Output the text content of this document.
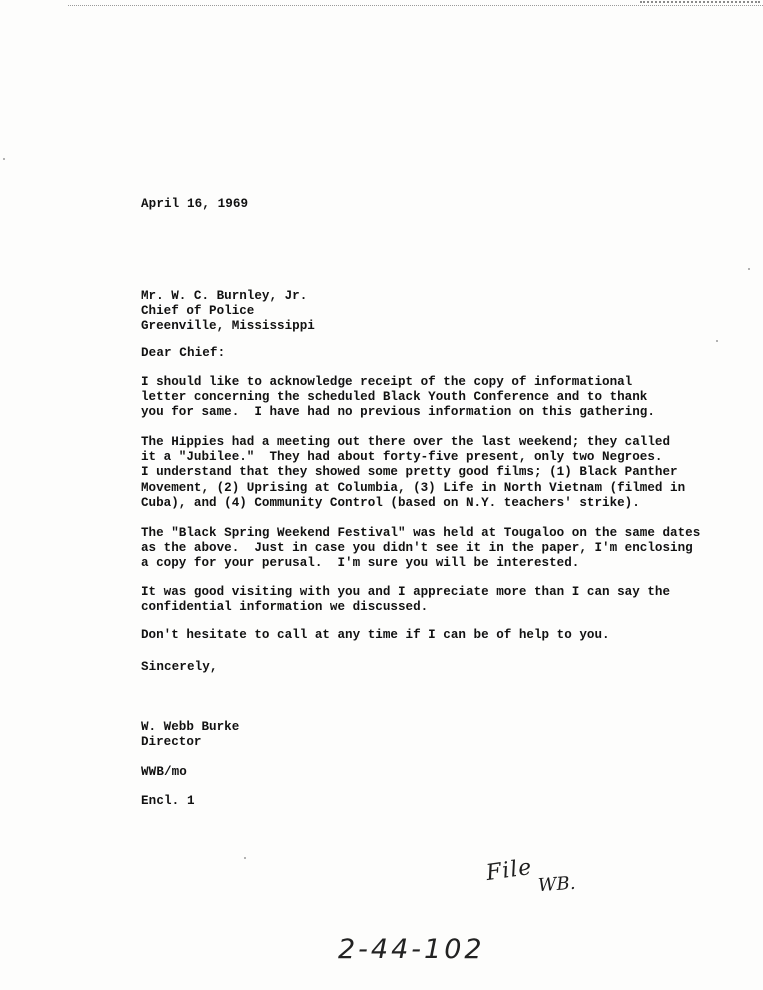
April 16, 1969
Mr. W. C. Burnley, Jr.
Chief of Police
Greenville, Mississippi
Dear Chief:
I should like to acknowledge receipt of the copy of informational
letter concerning the scheduled Black Youth Conference and to thank
you for same.  I have had no previous information on this gathering.
The Hippies had a meeting out there over the last weekend; they called
it a "Jubilee."  They had about forty-five present, only two Negroes.
I understand that they showed some pretty good films; (1) Black Panther
Movement, (2) Uprising at Columbia, (3) Life in North Vietnam (filmed in
Cuba), and (4) Community Control (based on N.Y. teachers' strike).
The "Black Spring Weekend Festival" was held at Tougaloo on the same dates
as the above.  Just in case you didn't see it in the paper, I'm enclosing
a copy for your perusal.  I'm sure you will be interested.
It was good visiting with you and I appreciate more than I can say the
confidential information we discussed.
Don't hesitate to call at any time if I can be of help to you.
Sincerely,
W. Webb Burke
Director
WWB/mo
Encl. 1
File WB.
2-44-102
